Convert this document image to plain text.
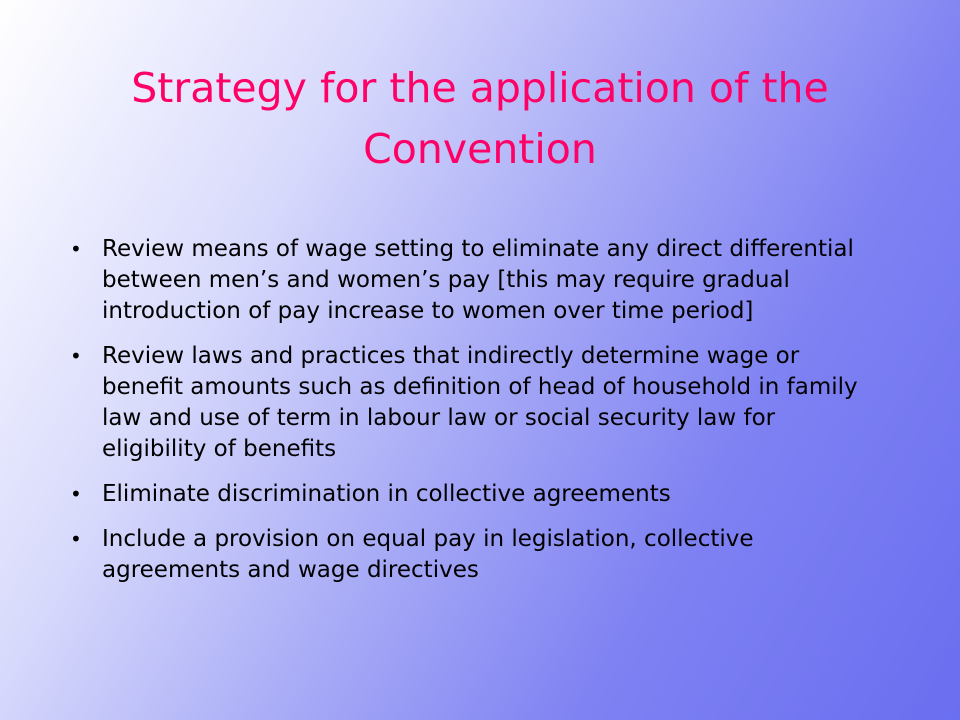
Strategy for the application of the Convention
• Review means of wage setting to eliminate any direct differential between men’s and women’s pay [this may require gradual introduction of pay increase to women over time period]
• Review laws and practices that indirectly determine wage or benefit amounts such as definition of head of household in family law and use of term in labour law or social security law for eligibility of benefits
• Eliminate discrimination in collective agreements
• Include a provision on equal pay in legislation, collective agreements and wage directives
